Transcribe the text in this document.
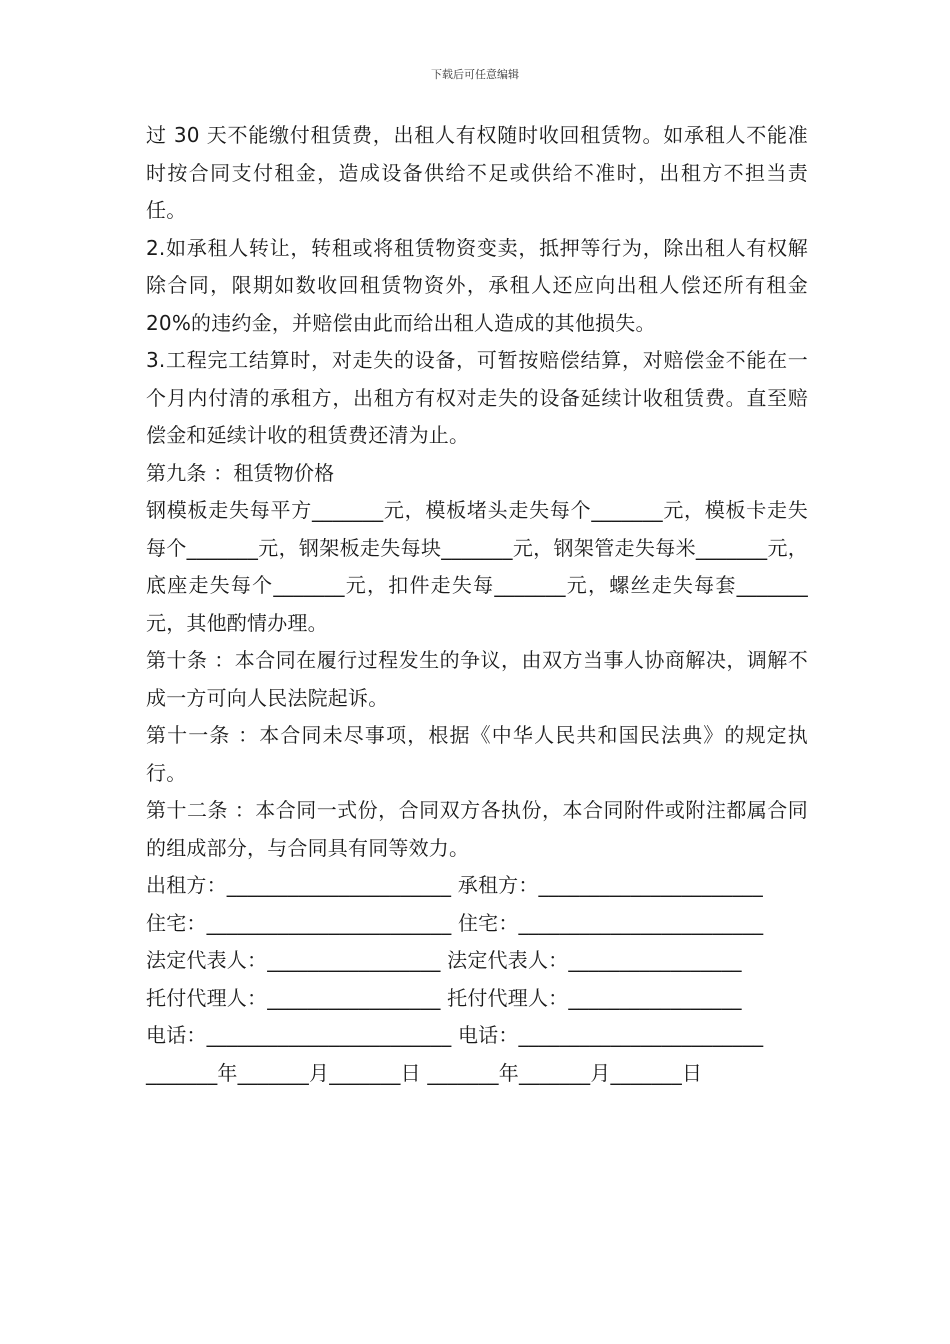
下载后可任意编辑

过 30 天不能缴付租赁费，出租人有权随时收回租赁物。如承租人不能准时按合同支付租金，造成设备供给不足或供给不准时，出租方不担当责任。

2.如承租人转让，转租或将租赁物资变卖，抵押等行为，除出租人有权解除合同，限期如数收回租赁物资外，承租人还应向出租人偿还所有租金 20%的违约金，并赔偿由此而给出租人造成的其他损失。

3.工程完工结算时，对走失的设备，可暂按赔偿结算，对赔偿金不能在一个月内付清的承租方，出租方有权对走失的设备延续计收租赁费。直至赔偿金和延续计收的租赁费还清为止。

第九条 ：租赁物价格

钢模板走失每平方_______元，模板堵头走失每个_______元，模板卡走失每个_______元，钢架板走失每块_______元，钢架管走失每米_______元，底座走失每个_______元，扣件走失每_______元，螺丝走失每套_______元，其他酌情办理。

第十条 ：本合同在履行过程发生的争议，由双方当事人协商解决，调解不成一方可向人民法院起诉。

第十一条 ：本合同未尽事项，根据《中华人民共和国民法典》的规定执行。

第十二条 ：本合同一式份，合同双方各执份，本合同附件或附注都属合同的组成部分，与合同具有同等效力。

出租方：______________________ 承租方：______________________

住宅：________________________ 住宅：________________________

法定代表人：_________________ 法定代表人：_________________

托付代理人：_________________ 托付代理人：_________________

电话：________________________ 电话：________________________

_______年_______月_______日 _______年_______月_______日
